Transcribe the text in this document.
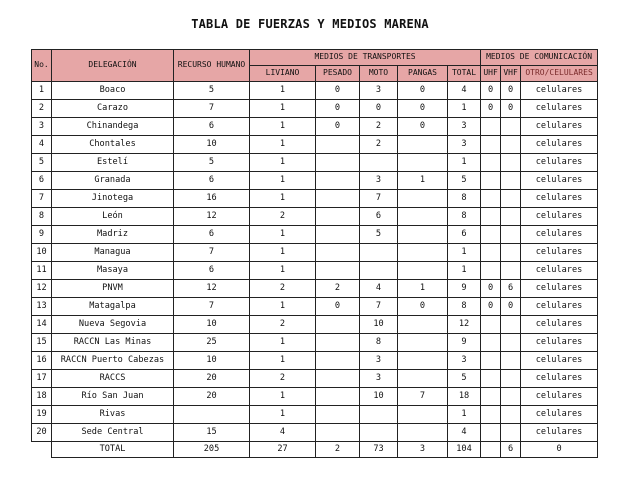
TABLA DE FUERZAS Y MEDIOS MARENA
No.	DELEGACIÓN	RECURSO HUMANO	MEDIOS DE TRANSPORTES					MEDIOS DE COMUNICACIÓN		
			LIVIANO	PESADO	MOTO	PANGAS	TOTAL	UHF	VHF	OTRO/CELULARES
1	Boaco	5	1	0	3	0	4	0	0	celulares
2	Carazo	7	1	0	0	0	1	0	0	celulares
3	Chinandega	6	1	0	2	0	3			celulares
4	Chontales	10	1		2		3			celulares
5	Estelí	5	1				1			celulares
6	Granada	6	1		3	1	5			celulares
7	Jinotega	16	1		7		8			celulares
8	León	12	2		6		8			celulares
9	Madriz	6	1		5		6			celulares
10	Managua	7	1				1			celulares
11	Masaya	6	1				1			celulares
12	PNVM	12	2	2	4	1	9	0	6	celulares
13	Matagalpa	7	1	0	7	0	8	0	0	celulares
14	Nueva Segovia	10	2		10		12			celulares
15	RACCN Las Minas	25	1		8		9			celulares
16	RACCN Puerto Cabezas	10	1		3		3			celulares
17	RACCS	20	2		3		5			celulares
18	Río San Juan	20	1		10	7	18			celulares
19	Rivas		1				1			celulares
20	Sede Central	15	4				4			celulares
	TOTAL	205	27	2	73	3	104		6	0
